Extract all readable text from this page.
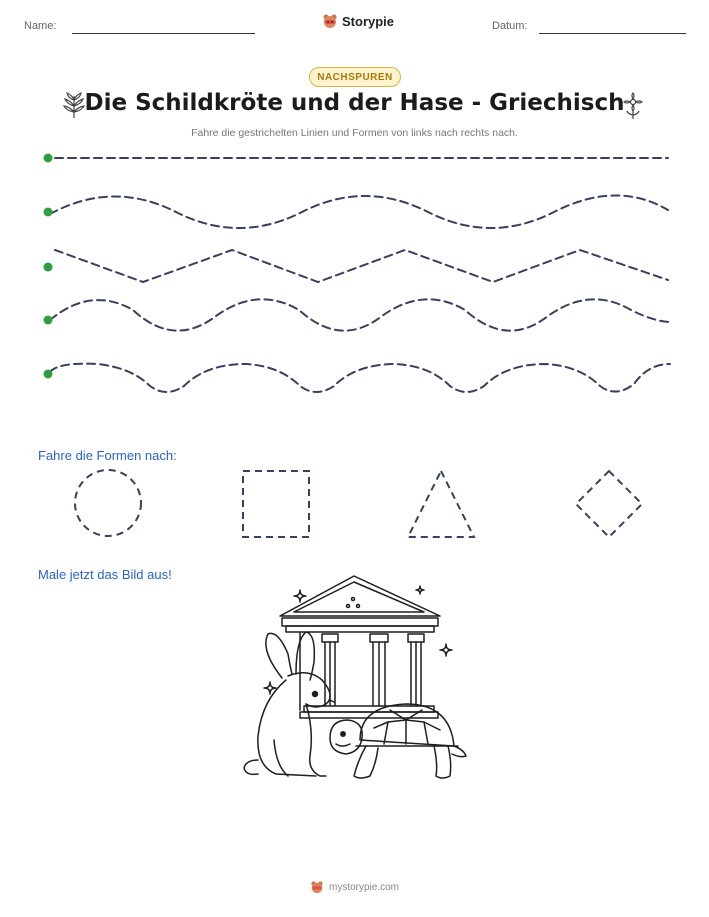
Name:	Datum:
Storypie
NACHSPUREN
Die Schildkröte und der Hase - Griechisch
Fahre die gestrichelten Linien und Formen von links nach rechts nach.
Fahre die Formen nach:
Male jetzt das Bild aus!
mystorypie.com
